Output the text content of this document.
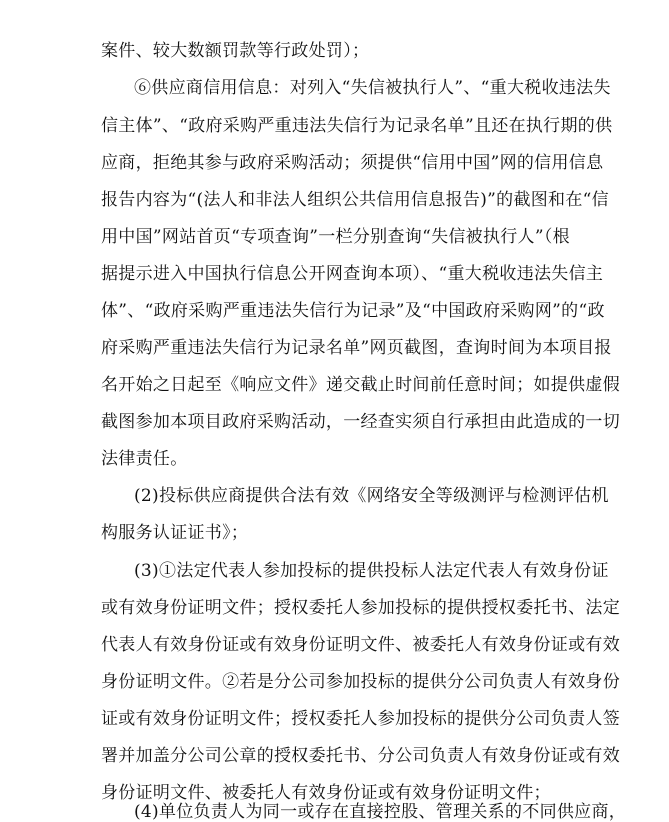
案件、较大数额罚款等行政处罚）；
⑥供应商信用信息：对列入“失信被执行人”、“重大税收违法失
信主体”、“政府采购严重违法失信行为记录名单”且还在执行期的供
应商，拒绝其参与政府采购活动；须提供“信用中国”网的信用信息
报告内容为“(法人和非法人组织公共信用信息报告)”的截图和在“信
用中国”网站首页“专项查询”一栏分别查询“失信被执行人”（根
据提示进入中国执行信息公开网查询本项）、“重大税收违法失信主
体”、“政府采购严重违法失信行为记录”及“中国政府采购网”的“政
府采购严重违法失信行为记录名单”网页截图，查询时间为本项目报
名开始之日起至《响应文件》递交截止时间前任意时间；如提供虚假
截图参加本项目政府采购活动，一经查实须自行承担由此造成的一切
法律责任。
(2)投标供应商提供合法有效《网络安全等级测评与检测评估机
构服务认证证书》；
(3)①法定代表人参加投标的提供投标人法定代表人有效身份证
或有效身份证明文件；授权委托人参加投标的提供授权委托书、法定
代表人有效身份证或有效身份证明文件、被委托人有效身份证或有效
身份证明文件。②若是分公司参加投标的提供分公司负责人有效身份
证或有效身份证明文件；授权委托人参加投标的提供分公司负责人签
署并加盖分公司公章的授权委托书、分公司负责人有效身份证或有效
身份证明文件、被委托人有效身份证或有效身份证明文件；
(4)单位负责人为同一或存在直接控股、管理关系的不同供应商，
